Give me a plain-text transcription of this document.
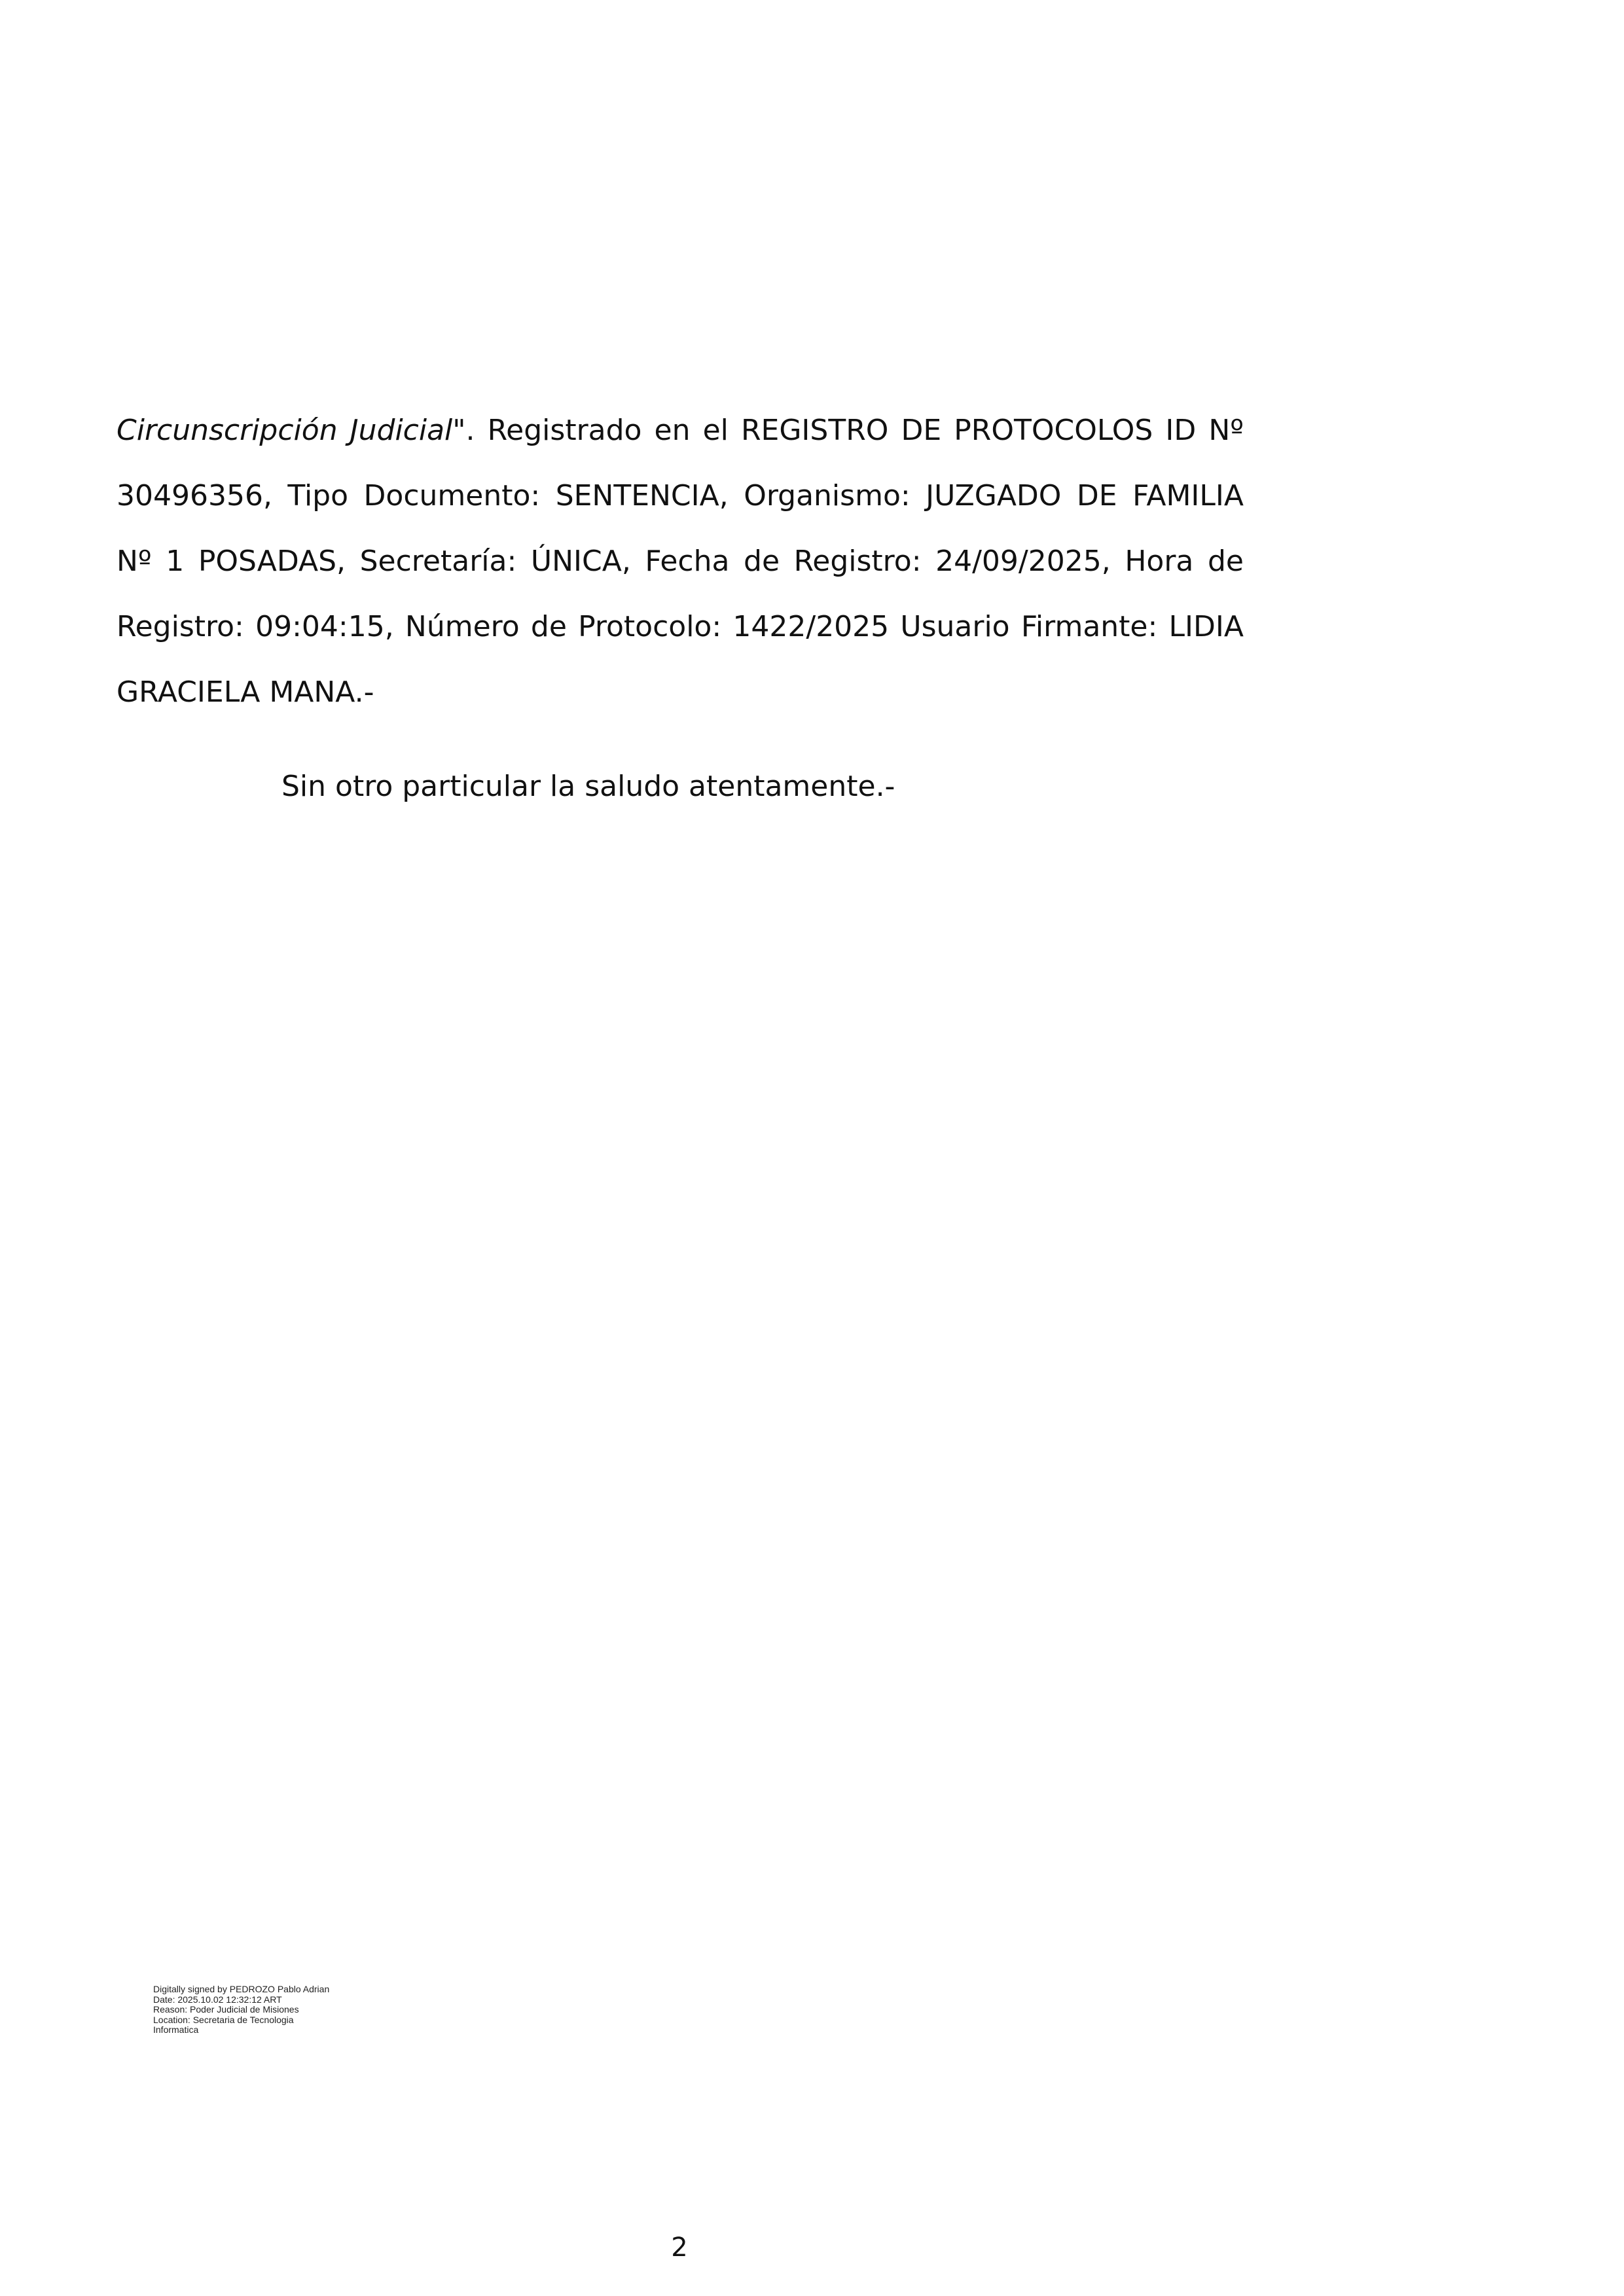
Circunscripción Judicial". Registrado en el REGISTRO DE PROTOCOLOS ID Nº 30496356, Tipo Documento: SENTENCIA, Organismo: JUZGADO DE FAMILIA Nº 1 POSADAS, Secretaría: ÚNICA, Fecha de Registro: 24/09/2025, Hora de Registro: 09:04:15, Número de Protocolo: 1422/2025 Usuario Firmante: LIDIA GRACIELA MANA.-

Sin otro particular la saludo atentamente.-

Digitally signed by PEDROZO Pablo Adrian
Date: 2025.10.02 12:32:12 ART
Reason: Poder Judicial de Misiones
Location: Secretaria de Tecnologia
Informatica
2
